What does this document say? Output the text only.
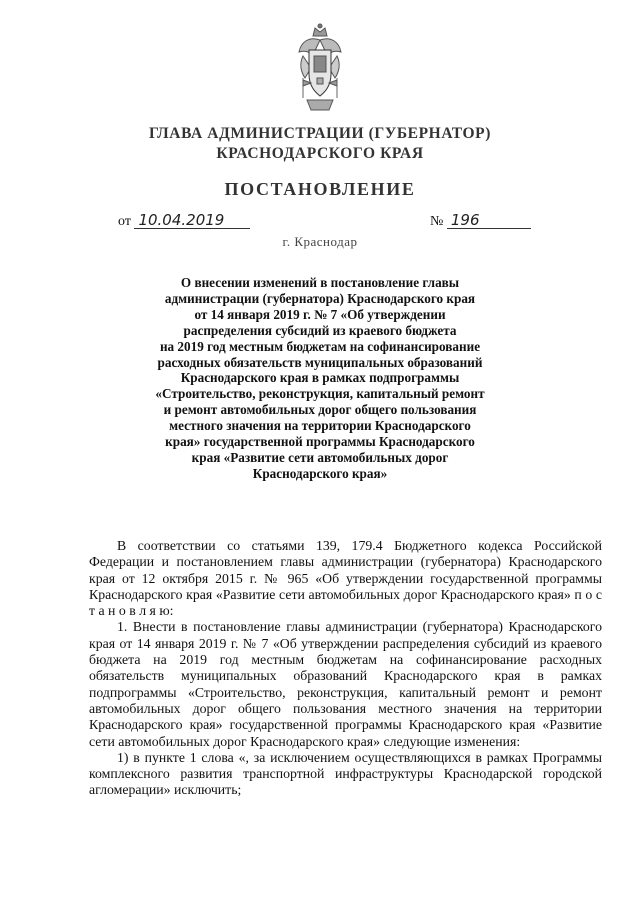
ГЛАВА АДМИНИСТРАЦИИ (ГУБЕРНАТОР)
КРАСНОДАРСКОГО КРАЯ
ПОСТАНОВЛЕНИЕ
от 10.04.2019	№ 196
г. Краснодар
О внесении изменений в постановление главы
администрации (губернатора) Краснодарского края
от 14 января 2019 г. № 7 «Об утверждении
распределения субсидий из краевого бюджета
на 2019 год местным бюджетам на софинансирование
расходных обязательств муниципальных образований
Краснодарского края в рамках подпрограммы
«Строительство, реконструкция, капитальный ремонт
и ремонт автомобильных дорог общего пользования
местного значения на территории Краснодарского
края» государственной программы Краснодарского
края «Развитие сети автомобильных дорог
Краснодарского края»

В соответствии со статьями 139, 179.4 Бюджетного кодекса Российской Федерации и постановлением главы администрации (губернатора) Краснодарского края от 12 октября 2015 г. № 965 «Об утверждении государственной программы Краснодарского края «Развитие сети автомобильных дорог Краснодарского края» п о с т а н о в л я ю:

1. Внести в постановление главы администрации (губернатора) Краснодарского края от 14 января 2019 г. № 7 «Об утверждении распределения субсидий из краевого бюджета на 2019 год местным бюджетам на софинансирование расходных обязательств муниципальных образований Краснодарского края в рамках подпрограммы «Строительство, реконструкция, капитальный ремонт и ремонт автомобильных дорог общего пользования местного значения на территории Краснодарского края» государственной программы Краснодарского края «Развитие сети автомобильных дорог Краснодарского края» следующие изменения:

1) в пункте 1 слова «, за исключением осуществляющихся в рамках Программы комплексного развития транспортной инфраструктуры Краснодарской городской агломерации» исключить;
